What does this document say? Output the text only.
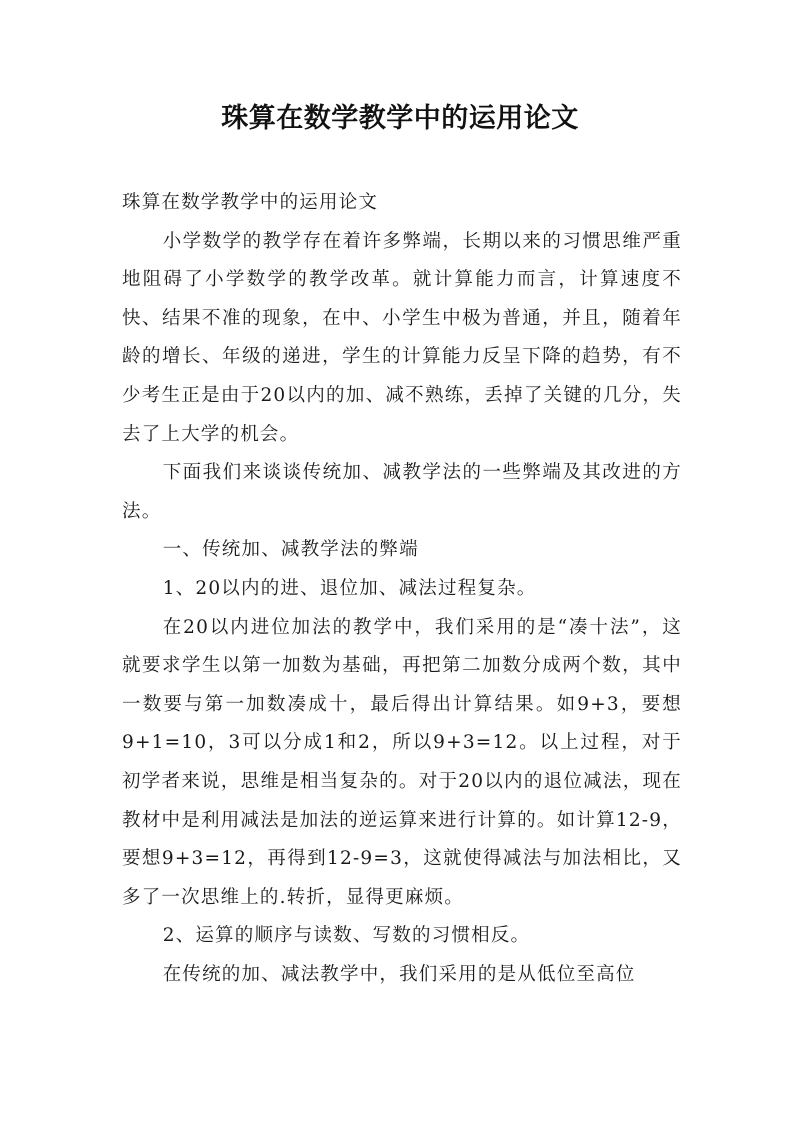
珠算在数学教学中的运用论文

珠算在数学教学中的运用论文

小学数学的教学存在着许多弊端，长期以来的习惯思维严重地阻碍了小学数学的教学改革。就计算能力而言，计算速度不快、结果不准的现象，在中、小学生中极为普通，并且，随着年龄的增长、年级的递进，学生的计算能力反呈下降的趋势，有不少考生正是由于20以内的加、减不熟练，丢掉了关键的几分，失去了上大学的机会。

下面我们来谈谈传统加、减教学法的一些弊端及其改进的方法。

一、传统加、减教学法的弊端

1、20以内的进、退位加、减法过程复杂。

在20以内进位加法的教学中，我们采用的是“凑十法”，这就要求学生以第一加数为基础，再把第二加数分成两个数，其中一数要与第一加数凑成十，最后得出计算结果。如9+3，要想9+1=10，3可以分成1和2，所以9+3=12。以上过程，对于初学者来说，思维是相当复杂的。对于20以内的退位减法，现在教材中是利用减法是加法的逆运算来进行计算的。如计算12-9，要想9+3=12，再得到12-9=3，这就使得减法与加法相比，又多了一次思维上的.转折，显得更麻烦。

2、运算的顺序与读数、写数的习惯相反。

在传统的加、减法教学中，我们采用的是从低位至高位
